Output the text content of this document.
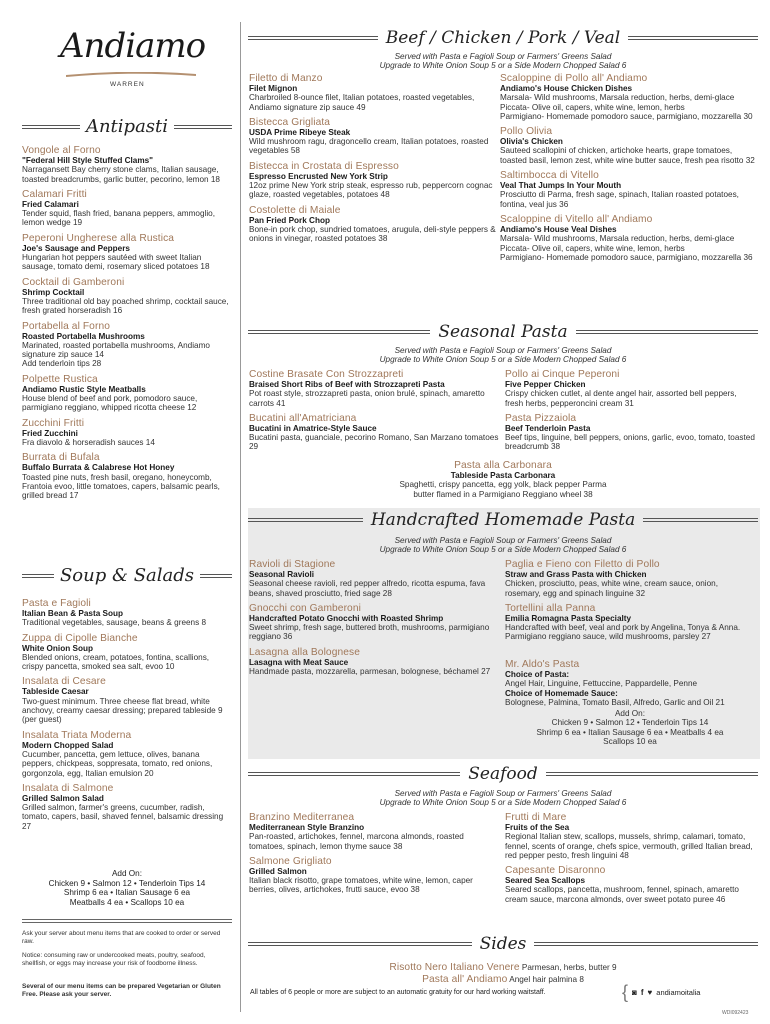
Andiamo
WARREN
Antipasti
Vongole al Forno
"Federal Hill Style Stuffed Clams"
Narragansett Bay cherry stone clams, Italian sausage, toasted breadcrumbs, garlic butter, pecorino, lemon 18
Calamari Fritti
Fried Calamari
Tender squid, flash fried, banana peppers, ammoglio, lemon wedge 19
Peperoni Ungherese alla Rustica
Joe's Sausage and Peppers
Hungarian hot peppers sautéed with sweet Italian sausage, tomato demi, rosemary sliced potatoes 18
Cocktail di Gamberoni
Shrimp Cocktail
Three traditional old bay poached shrimp, cocktail sauce, fresh grated horseradish 16
Portabella al Forno
Roasted Portabella Mushrooms
Marinated, roasted portabella mushrooms, Andiamo signature zip sauce 14
Add tenderloin tips 28
Polpette Rustica
Andiamo Rustic Style Meatballs
House blend of beef and pork, pomodoro sauce, parmigiano reggiano, whipped ricotta cheese 12
Zucchini Fritti
Fried Zucchini
Fra diavolo & horseradish sauces 14
Burrata di Bufala
Buffalo Burrata & Calabrese Hot Honey
Toasted pine nuts, fresh basil, oregano, honeycomb, Frantoia evoo, little tomatoes, capers, balsamic pearls, grilled bread 17
Soup & Salads
Pasta e Fagioli
Italian Bean & Pasta Soup
Traditional vegetables, sausage, beans & greens 8
Zuppa di Cipolle Bianche
White Onion Soup
Blended onions, cream, potatoes, fontina, scallions, crispy pancetta, smoked sea salt, evoo 10
Insalata di Cesare
Tableside Caesar
Two-guest minimum. Three cheese flat bread, white anchovy, creamy caesar dressing; prepared tableside 9 (per guest)
Insalata Triata Moderna
Modern Chopped Salad
Cucumber, pancetta, gem lettuce, olives, banana peppers, chickpeas, soppresata, tomato, red onions, gorgonzola, egg, Italian emulsion 20
Insalata di Salmone
Grilled Salmon Salad
Grilled salmon, farmer's greens, cucumber, radish, tomato, capers, basil, shaved fennel, balsamic dressing 27
Add On:
Chicken 9 • Salmon 12 • Tenderloin Tips 14
Shrimp 6 ea • Italian Sausage 6 ea
Meatballs 4 ea • Scallops 10 ea
Ask your server about menu items that are cooked to order or served raw.
Notice: consuming raw or undercooked meats, poultry, seafood, shellfish, or eggs may increase your risk of foodborne illness.
Several of our menu items can be prepared Vegetarian or Gluten Free. Please ask your server.
Beef / Chicken / Pork / Veal
Served with Pasta e Fagioli Soup or Farmers' Greens Salad
Upgrade to White Onion Soup 5 or a Side Modern Chopped Salad 6
Filetto di Manzo
Filet Mignon
Charbroiled 8-ounce filet, Italian potatoes, roasted vegetables, Andiamo signature zip sauce 49
Bistecca Grigliata
USDA Prime Ribeye Steak
Wild mushroom ragu, dragoncello cream, Italian potatoes, roasted vegetables 58
Bistecca in Crostata di Espresso
Espresso Encrusted New York Strip
12oz prime New York strip steak, espresso rub, peppercorn cognac glaze, roasted vegetables, potatoes 48
Costolette di Maiale
Pan Fried Pork Chop
Bone-in pork chop, sundried tomatoes, arugula, deli-style peppers & onions in vinegar, roasted potatoes 38
Scaloppine di Pollo all' Andiamo
Andiamo's House Chicken Dishes
Marsala- Wild mushrooms, Marsala reduction, herbs, demi-glace
Piccata- Olive oil, capers, white wine, lemon, herbs
Parmigiano- Homemade pomodoro sauce, parmigiano, mozzarella 30
Pollo Olivia
Olivia's Chicken
Sauteed scallopini of chicken, artichoke hearts, grape tomatoes, toasted basil, lemon zest, white wine butter sauce, fresh pea risotto 32
Saltimbocca di Vitello
Veal That Jumps In Your Mouth
Prosciutto di Parma, fresh sage, spinach, Italian roasted potatoes, fontina, veal jus 36
Scaloppine di Vitello all' Andiamo
Andiamo's House Veal Dishes
Marsala- Wild mushrooms, Marsala reduction, herbs, demi-glace
Piccata- Olive oil, capers, white wine, lemon, herbs
Parmigiano- Homemade pomodoro sauce, parmigiano, mozzarella 36
Seasonal Pasta
Served with Pasta e Fagioli Soup or Farmers' Greens Salad
Upgrade to White Onion Soup 5 or a Side Modern Chopped Salad 6
Costine Brasate Con Strozzapreti
Braised Short Ribs of Beef with Strozzapreti Pasta
Pot roast style, strozzapreti pasta, onion brulé, spinach, amaretto carrots 41
Bucatini all'Amatriciana
Bucatini in Amatrice-Style Sauce
Bucatini pasta, guanciale, pecorino Romano, San Marzano tomatoes 29
Pollo ai Cinque Peperoni
Five Pepper Chicken
Crispy chicken cutlet, al dente angel hair, assorted bell peppers, fresh herbs, pepperoncini cream 31
Pasta Pizzaiola
Beef Tenderloin Pasta
Beef tips, linguine, bell peppers, onions, garlic, evoo, tomato, toasted breadcrumb 38
Pasta alla Carbonara
Tableside Pasta Carbonara
Spaghetti, crispy pancetta, egg yolk, black pepper Parma
butter flamed in a Parmigiano Reggiano wheel 38
Handcrafted Homemade Pasta
Served with Pasta e Fagioli Soup or Farmers' Greens Salad
Upgrade to White Onion Soup 5 or a Side Modern Chopped Salad 6
Ravioli di Stagione
Seasonal Ravioli
Seasonal cheese ravioli, red pepper alfredo, ricotta espuma, fava beans, shaved prosciutto, fried sage 28
Gnocchi con Gamberoni
Handcrafted Potato Gnocchi with Roasted Shrimp
Sweet shrimp, fresh sage, buttered broth, mushrooms, parmigiano reggiano 36
Lasagna alla Bolognese
Lasagna with Meat Sauce
Handmade pasta, mozzarella, parmesan, bolognese, béchamel 27
Paglia e Fieno con Filetto di Pollo
Straw and Grass Pasta with Chicken
Chicken, prosciutto, peas, white wine, cream sauce, onion, rosemary, egg and spinach linguine 32
Tortellini alla Panna
Emilia Romagna Pasta Specialty
Handcrafted with beef, veal and pork by Angelina, Tonya & Anna. Parmigiano reggiano sauce, wild mushrooms, parsley 27
Mr. Aldo's Pasta
Choice of Pasta:
Angel Hair, Linguine, Fettuccine, Pappardelle, Penne
Choice of Homemade Sauce:
Bolognese, Palmina, Tomato Basil, Alfredo, Garlic and Oil 21
Add On:
Chicken 9 • Salmon 12 • Tenderloin Tips 14
Shrimp 6 ea • Italian Sausage 6 ea • Meatballs 4 ea
Scallops 10 ea
Seafood
Served with Pasta e Fagioli Soup or Farmers' Greens Salad
Upgrade to White Onion Soup 5 or a Side Modern Chopped Salad 6
Branzino Mediterranea
Mediterranean Style Branzino
Pan-roasted, artichokes, fennel, marcona almonds, roasted tomatoes, spinach, lemon thyme sauce 38
Salmone Grigliato
Grilled Salmon
Italian black risotto, grape tomatoes, white wine, lemon, caper berries, olives, artichokes, frutti sauce, evoo 38
Frutti di Mare
Fruits of the Sea
Regional Italian stew, scallops, mussels, shrimp, calamari, tomato, fennel, scents of orange, chefs spice, vermouth, grilled Italian bread, red pepper pesto, fresh linguini 48
Capesante Disaronno
Seared Sea Scallops
Seared scallops, pancetta, mushroom, fennel, spinach, amaretto cream sauce, marcona almonds, over sweet potato puree 46
Sides
Risotto Nero Italiano Venere Parmesan, herbs, butter 9
Pasta all' Andiamo Angel hair palmina 8
All tables of 6 people or more are subject to an automatic gratuity for our hard working waitstaff.	{ ◙ f ♥ andiamoitalia
WDI092423
